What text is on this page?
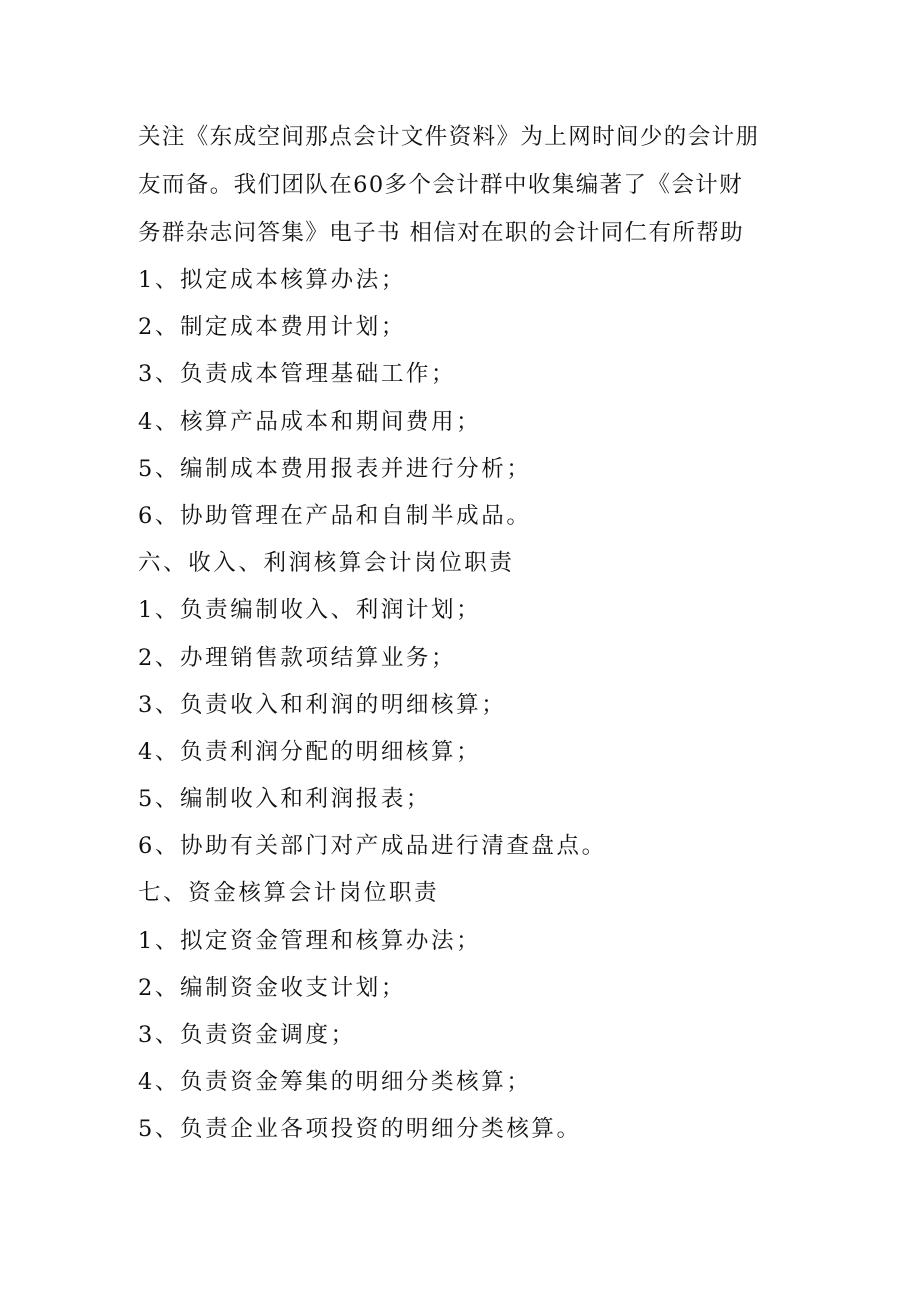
关注《东成空间那点会计文件资料》为上网时间少的会计朋

友而备。我们团队在60多个会计群中收集编著了《会计财

务群杂志问答集》电子书 相信对在职的会计同仁有所帮助

1、拟定成本核算办法；

2、制定成本费用计划；

3、负责成本管理基础工作；

4、核算产品成本和期间费用；

5、编制成本费用报表并进行分析；

6、协助管理在产品和自制半成品。

六、收入、利润核算会计岗位职责

1、负责编制收入、利润计划；

2、办理销售款项结算业务；

3、负责收入和利润的明细核算；

4、负责利润分配的明细核算；

5、编制收入和利润报表；

6、协助有关部门对产成品进行清查盘点。

七、资金核算会计岗位职责

1、拟定资金管理和核算办法；

2、编制资金收支计划；

3、负责资金调度；

4、负责资金筹集的明细分类核算；

5、负责企业各项投资的明细分类核算。
